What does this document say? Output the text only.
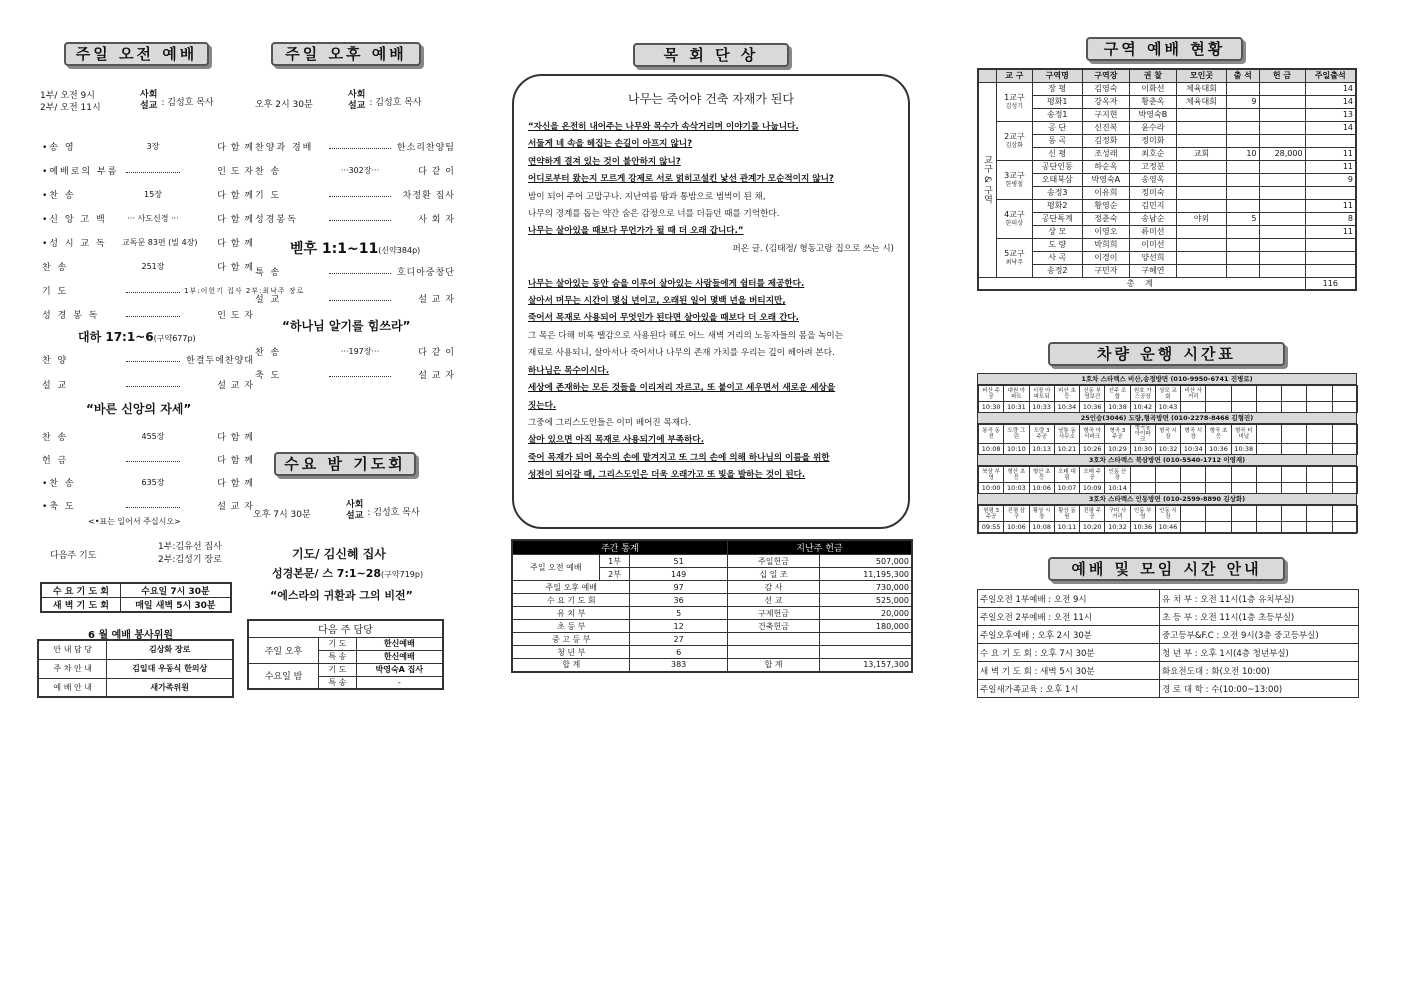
주일 오전 예배
1부/ 오전 9시
2부/ 오전 11시
사회
설교 : 김성호 목사
•송 영	3장	다 함 께
•예배로의 부름	인 도 자
•찬 송	15장	다 함 께
•신 앙 고 백	··· 사도신경 ···	다 함 께
•성 시 교 독	교독문 83편 (빌 4장)	다 함 께
찬 송	251장	다 함 께
기 도	1부:이헌기 집사 2부:최낙주 장로
성 경 봉 독	인 도 자
대하 17:1~6(구약677p)
찬 양	한결두에찬양대
설 교	설 교 자
“바른 신앙의 자세”
찬 송	455장	다 함 께
헌 금	다 함 께
•찬 송	635장	다 함 께
•축 도	설 교 자
<•표는 일어서 주십시오>
다음주 기도
1부:김유선 집사
2부:김성기 장로
수 요 기 도 회	수요일 7시 30분
새 벽 기 도 회	매일 새벽 5시 30분
6 월 예배 봉사위원
안 내 담 당	김상화 장로
주 차 안 내	김일대 우동식 한의상
예 배 안 내	새가족위원
주일 오후 예배
오후 2시 30분
사회
설교 : 김성호 목사
찬양과 경배	한소리찬양팀
찬 송	···302장···	다 같 이
기 도	차정환 집사
성경봉독	사 회 자
벧후 1:1~11(신약384p)
특 송	호디아중창단
설 교	설 교 자
“하나님 알기를 힘쓰라”
찬 송	···197장···	다 같 이
축 도	설 교 자
수요 밤 기도회
오후 7시 30분
사회
설교 : 김성호 목사
기도/ 김신혜 집사
성경본문/ 스 7:1~28(구약719p)
“에스라의 귀환과 그의 비전”
다음 주 담당		
주일 오후	기 도	한신예배
	특 송	한신예배
수요일 밤	기 도	박영숙A 집사
	특 송	-
목 회 단 상
나무는 죽어야 건축 자재가 된다

“자신을 온전히 내어주는 나무와 목수가 속삭거리며 이야기를 나눕니다.

서둘게 네 속을 헤집는 손길이 아프지 않니?

연약하게 결져 있는 것이 불안하지 않니?

어디로부터 왔는지 모르게 강제로 서로 얽히고설킨 낯선 관계가 모순적이지 않니?

밤이 되어 주어 고맙구나. 지난여름 땀과 통밤으로 범벅이 된 채,

나무의 경계를 돕는 약간 숨은 감정으로 너를 더듬던 때를 기억한다.

나무는 살아있을 때보다 무언가가 될 때 더 오래 갑니다.”

퍼온 글. (김태정/ 형동고랑 집으로 쓰는 시)

나무는 살아있는 동안 숨을 이루어 살아있는 사람들에게 쉼터를 제공한다.

살아서 머무는 시간이 몇십 년이고, 오래된 일어 몇백 년을 버티지만,

죽어서 목재로 사용되어 무엇인가 된다면 살아있을 때보다 더 오래 간다.

그 목은 다해 비록 땔감으로 사용된다 해도 어느 새벽 거리의 노동자들의 몸을 녹이는

재료로 사용되니, 살아서나 죽어서나 나무의 존재 가치를 우리는 깊이 헤아려 본다.

하나님은 목수이시다.

세상에 존재하는 모든 것들을 이리저리 자르고, 또 붙이고 세우면서 새로운 세상을

짓는다.

그중에 그리스도인들은 이미 베어진 목재다.

살아 있으면 아직 목재로 사용되기에 부족하다.

죽어 목재가 되어 목수의 손에 맡겨지고 또 그의 손에 의해 하나님의 이름을 위한

성전이 되어갈 때, 그리스도인은 더욱 오래가고 또 빛을 발하는 것이 된다.

주간 통계			지난주 헌금	
주일 오전 예배	1부	51	주일헌금	507,000
	2부	149	십 일 조	11,195,300
주일 오후 예배		97	감 사	730,000
수 요 기 도 회		36	선 교	525,000
유 치 부		5	구제헌금	20,000
초 등 부		12	건축헌금	180,000
중 고 등 부		27		
청 년 부		6		
합 계		383	합 계	13,157,300
구역 예배 현황
	교 구	구역명	구역장	권 찰	모인곳	출 석	헌 금	주일출석
교구 & 구역	1교구
김성기	장 평	김영숙	이화선	체육대회			14
		평화1	강옥자	황춘옥	체육대회	9		14
		송정1	구지현	박영숙B				13

	2교구
김상화	공 단	신진복	윤수라				14
		동 곡	김정화	정미화				
		신 평	조성래	최호순	교회	10	28,000	11

	3교구
한병철	공단인동	하순옥	고정분				11
		오태북삼	박영숙A	송영옥				9
		송정3	이유희	정미숙				

	4교구
한의상	평화2	황영순	김민지				11
		공단독계	정춘숙	송남순	야외	5		8
		상 모	이영오	류미선				11

	5교구
최낙주	도 량	박희희	이미선				
		사 곡	이경이	양선희				
		송정2	구민자	구혜연				
총 계								116
차량 운행 시간표
1호차 스타렉스 비산,송정방면 (010-9950-6741 진병로)
비산 주공	대원 아파트	시장 아파트뒤	비산 초등	신동 부영보건	선주 조합	원호 가스공장	상모 교회	비산 사거리						
10:30	10:31	10:33	10:34	10:36	10:38	10:42	10:43							
25인승(3046) 도량,형곡방면 (010-2278-8466 김형진)
봉곡 동전	도량 그린	도량 3주공	남통 동사무소	형곡 아이파크	형곡 3주공	형곡동 아이파크	형곡 시장	형곡 시장	형곡 초등	형곡 터미널				
10:08	10:10	10:13	10:21	10:26	10:29	10:30	10:32	10:34	10:36	10:38				
3호차 스타렉스 북삼방면 (010-5540-1712 이영재)
북삼 부영	형산 초등	형산 초등	오태 대림	오태 주공	인동 산장									
10:00	10:03	10:06	10:07	10:09	10:14									
3호차 스타렉스 인동방면 (010-2599-8890 김상화)
원평 3주공	진평 삼구	황상 시장	황상 동원	진평 주공	구미 사거리	인동 부영	인동 시장							
09:55	10:06	10:08	10:11	10:20	10:32	10:36	10:46							
예배 및 모임 시간 안내
주일오전 1부예배 : 오전 9시	유 치 부 : 오전 11시(1층 유치부실)
주일오전 2부예배 : 오전 11시	초 등 부 : 오전 11시(1층 초등부실)
주일오후예배 : 오후 2시 30분	중고등부&F.C : 오전 9시(3층 중고등부실)
수 요 기 도 회 : 오후 7시 30분	청 년 부 : 오후 1시(4층 청년부실)
새 벽 기 도 회 : 새벽 5시 30분	화요전도대 : 화(오전 10:00)
주일새가족교육 : 오후 1시	경 로 대 학 : 수(10:00~13:00)
